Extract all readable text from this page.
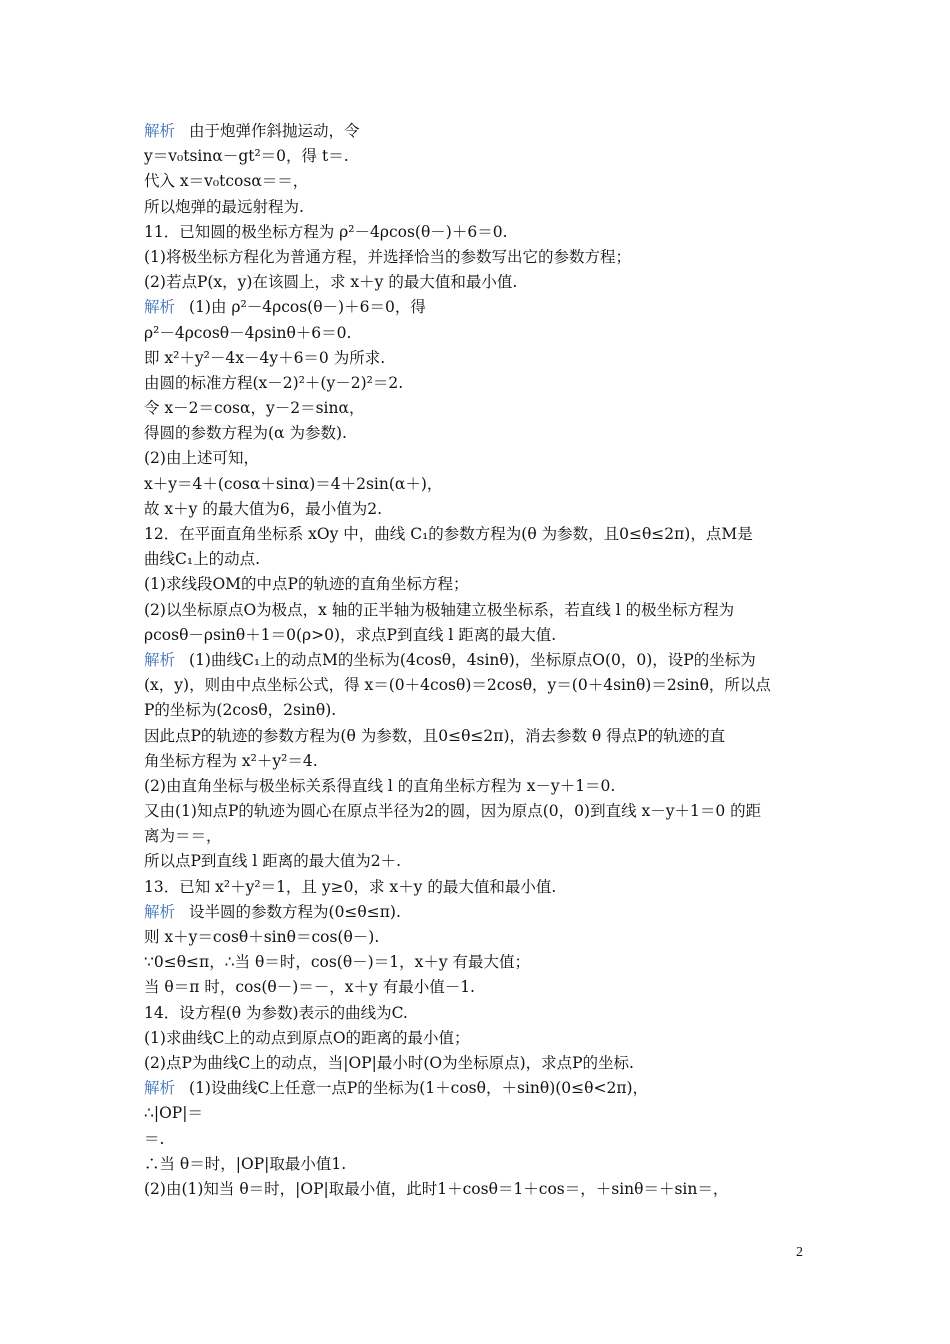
解析 由于炮弹作斜抛运动，令
y＝v₀tsinα－gt²＝0，得 t＝.
代入 x＝v₀tcosα＝＝，
所以炮弹的最远射程为.
11．已知圆的极坐标方程为 ρ²－4ρcos(θ－)＋6＝0.
(1)将极坐标方程化为普通方程，并选择恰当的参数写出它的参数方程；
(2)若点P(x，y)在该圆上，求 x＋y 的最大值和最小值.
解析 (1)由 ρ²－4ρcos(θ－)＋6＝0，得
ρ²－4ρcosθ－4ρsinθ＋6＝0.
即 x²＋y²－4x－4y＋6＝0 为所求.
由圆的标准方程(x－2)²＋(y－2)²＝2.
令 x－2＝cosα，y－2＝sinα，
得圆的参数方程为(α 为参数).
(2)由上述可知，
x＋y＝4＋(cosα＋sinα)＝4＋2sin(α＋)，
故 x＋y 的最大值为6，最小值为2.
12．在平面直角坐标系 xOy 中，曲线 C₁的参数方程为(θ 为参数，且0≤θ≤2π)，点M是
曲线C₁上的动点.
(1)求线段OM的中点P的轨迹的直角坐标方程；
(2)以坐标原点O为极点，x 轴的正半轴为极轴建立极坐标系，若直线 l 的极坐标方程为
ρcosθ－ρsinθ＋1＝0(ρ>0)，求点P到直线 l 距离的最大值.
解析 (1)曲线C₁上的动点M的坐标为(4cosθ，4sinθ)，坐标原点O(0，0)，设P的坐标为
(x，y)，则由中点坐标公式，得 x＝(0＋4cosθ)＝2cosθ，y＝(0＋4sinθ)＝2sinθ，所以点
P的坐标为(2cosθ，2sinθ).
因此点P的轨迹的参数方程为(θ 为参数，且0≤θ≤2π)，消去参数 θ 得点P的轨迹的直
角坐标方程为 x²＋y²＝4.
(2)由直角坐标与极坐标关系得直线 l 的直角坐标方程为 x－y＋1＝0.
又由(1)知点P的轨迹为圆心在原点半径为2的圆，因为原点(0，0)到直线 x－y＋1＝0 的距
离为＝＝，
所以点P到直线 l 距离的最大值为2＋.
13．已知 x²＋y²＝1，且 y≥0，求 x＋y 的最大值和最小值.
解析 设半圆的参数方程为(0≤θ≤π).
则 x＋y＝cosθ＋sinθ＝cos(θ－).
∵0≤θ≤π，∴当 θ＝时，cos(θ－)＝1，x＋y 有最大值；
当 θ＝π 时，cos(θ－)＝－，x＋y 有最小值－1.
14．设方程(θ 为参数)表示的曲线为C.
(1)求曲线C上的动点到原点O的距离的最小值；
(2)点P为曲线C上的动点，当|OP|最小时(O为坐标原点)，求点P的坐标.
解析 (1)设曲线C上任意一点P的坐标为(1＋cosθ，＋sinθ)(0≤θ<2π)，
∴|OP|＝
＝.
∴当 θ＝时，|OP|取最小值1.
(2)由(1)知当 θ＝时，|OP|取最小值，此时1＋cosθ＝1＋cos＝，＋sinθ＝＋sin＝，
2
